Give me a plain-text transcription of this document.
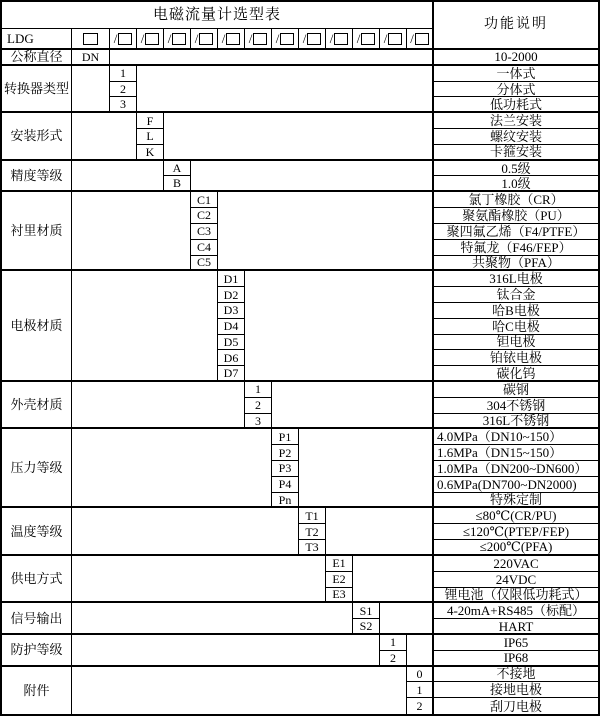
电磁流量计选型表
功能说明
LDG	/ / / / / / / / / / / /
公称直径	DN	10-2000
转换器类型
1	一体式
2	分体式
3	低功耗式
安装形式
F	法兰安装
L	螺纹安装
K	卡箍安装
精度等级	A	0.5级
B	1.0级
衬里材质
C1	氯丁橡胶（CR）
C2	聚氨酯橡胶（PU）
C3	聚四氟乙烯（F4/PTFE）
C4	特氟龙（F46/FEP）
C5	共聚物（PFA）
电极材质
D1	316L电极
D2	钛合金
D3	哈B电极
D4	哈C电极
D5	钽电极
D6	铂铱电极
D7	碳化钨
外壳材质
1	碳钢
2	304不锈钢
3	316L不锈钢
压力等级
P1	4.0MPa（DN10~150）
P2	1.6MPa（DN15~150）
P3	1.0MPa（DN200~DN600）
P4	0.6MPa(DN700~DN2000)
Pn	特殊定制
温度等级
T1	≤80℃(CR/PU)
T2	≤120℃(PTEP/FEP)
T3	≤200℃(PFA)
供电方式
E1	220VAC
E2	24VDC
E3	锂电池（仅限低功耗式）
信号输出	S1	4-20mA+RS485（标配）
S2	HART
防护等级	1	IP65
2	IP68
附件
0	不接地
1	接地电极
2	刮刀电极
